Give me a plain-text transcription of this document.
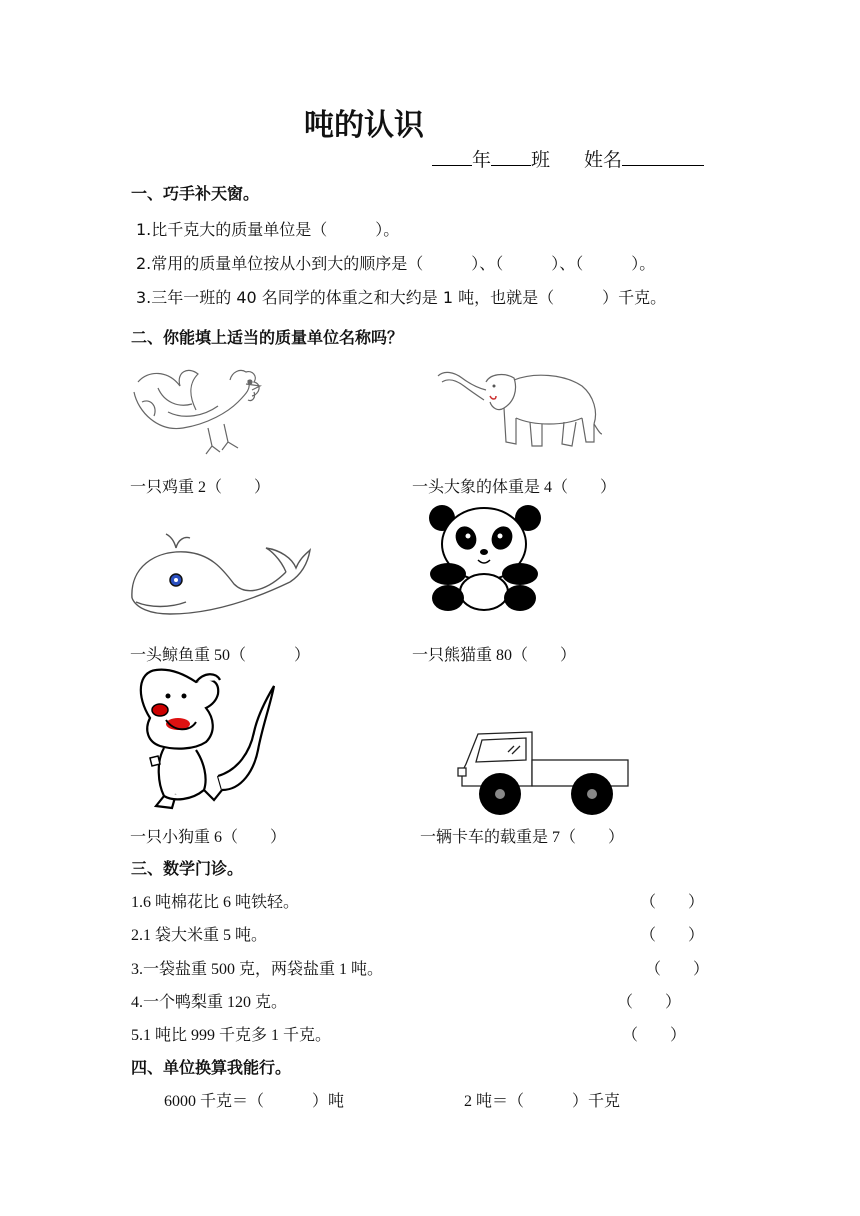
吨的认识
年 班 姓名
一、巧手补天窗。
1.比千克大的质量单位是（　　　）。
2.常用的质量单位按从小到大的顺序是（　　　）、（　　　）、（　　　）。
3.三年一班的 40 名同学的体重之和大约是 1 吨，也就是（　　　）千克。
二、你能填上适当的质量单位名称吗？
一只鸡重 2（　　）	一头大象的体重是 4（　　）
一头鲸鱼重 50（　　　）	一只熊猫重 80（　　）
一只小狗重 6（　　）	一辆卡车的载重是 7（　　）
三、数学门诊。
1.6 吨棉花比 6 吨铁轻。	（　　）
2.1 袋大米重 5 吨。	（　　）
3.一袋盐重 500 克，两袋盐重 1 吨。	（　　）
4.一个鸭梨重 120 克。	（　　）
5.1 吨比 999 千克多 1 千克。	（　　）
四、单位换算我能行。
6000 千克＝（　　　）吨	2 吨＝（　　　）千克
